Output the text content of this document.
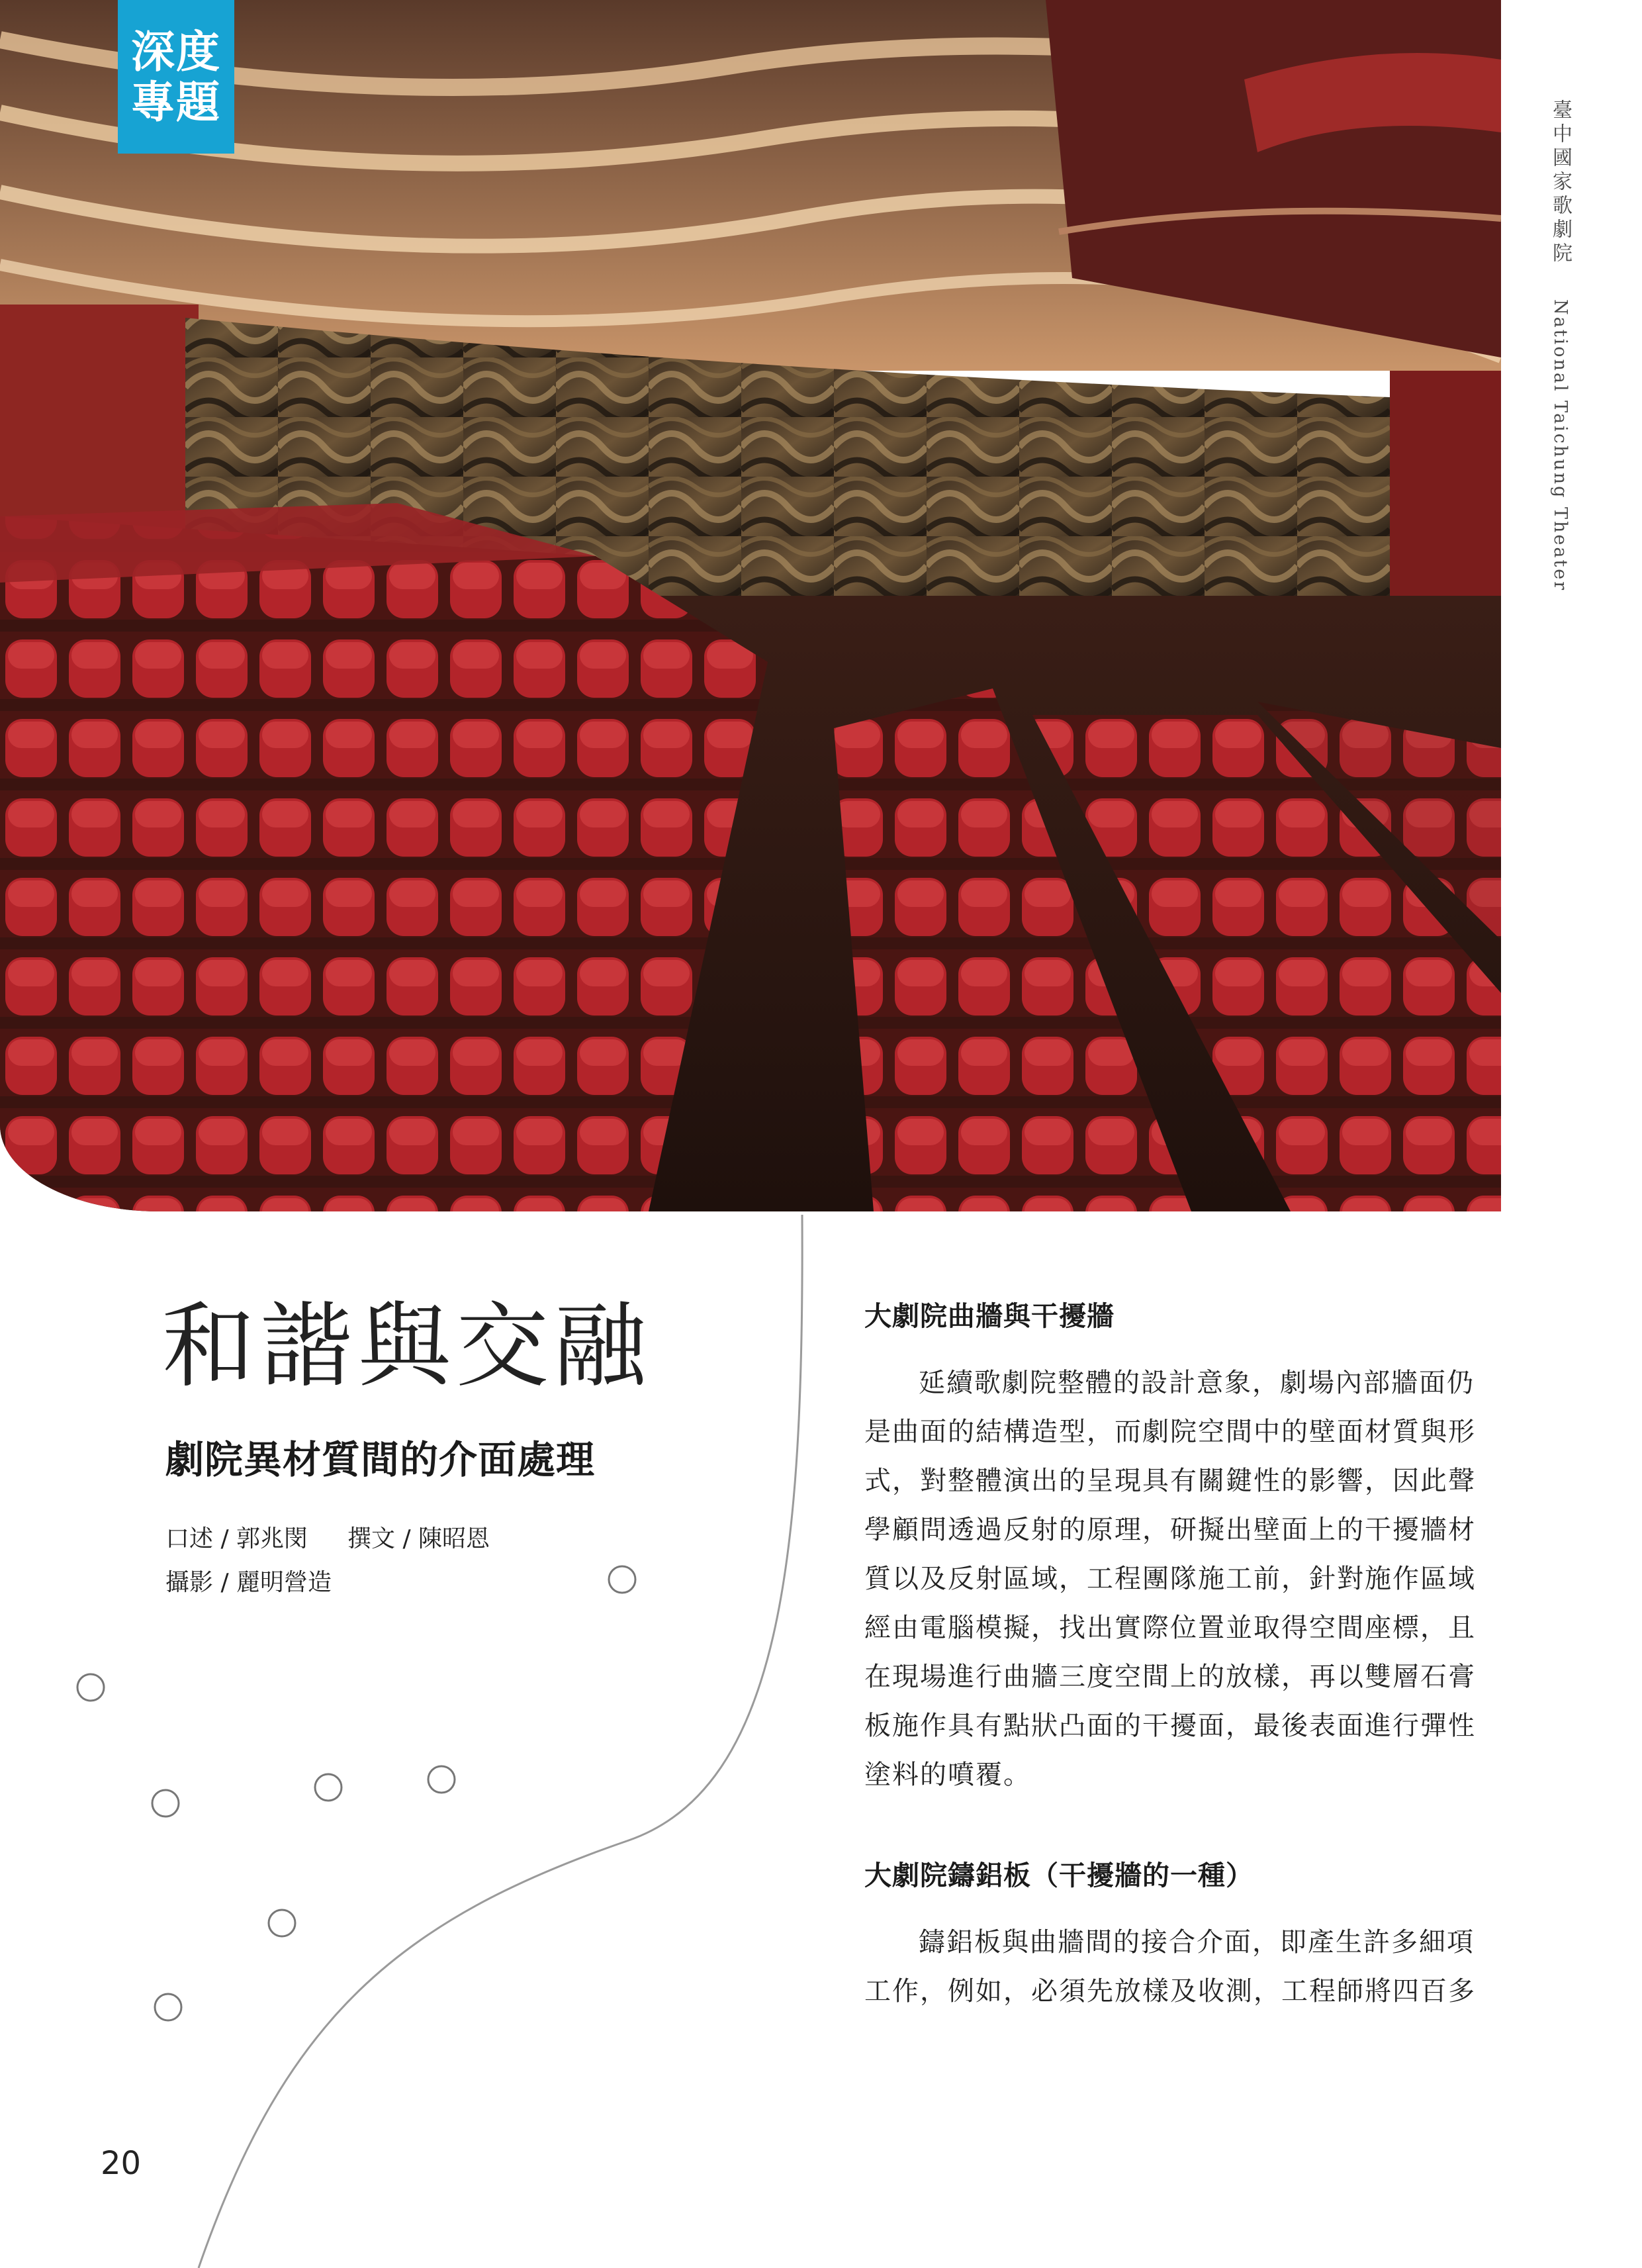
深度
專題	臺中國家歌劇院 National Taichung Theater
和諧與交融
劇院異材質間的介面處理
口述 / 郭兆閔 撰文 / 陳昭恩
攝影 / 麗明營造
大劇院曲牆與干擾牆
延續歌劇院整體的設計意象，劇場內部牆面仍
是曲面的結構造型，而劇院空間中的壁面材質與形
式，對整體演出的呈現具有關鍵性的影響，因此聲
學顧問透過反射的原理，研擬出壁面上的干擾牆材
質以及反射區域，工程團隊施工前，針對施作區域
經由電腦模擬，找出實際位置並取得空間座標，且
在現場進行曲牆三度空間上的放樣，再以雙層石膏
板施作具有點狀凸面的干擾面，最後表面進行彈性
塗料的噴覆。
大劇院鑄鋁板（干擾牆的一種）
鑄鋁板與曲牆間的接合介面，即產生許多細項
工作，例如，必須先放樣及收測，工程師將四百多
20
